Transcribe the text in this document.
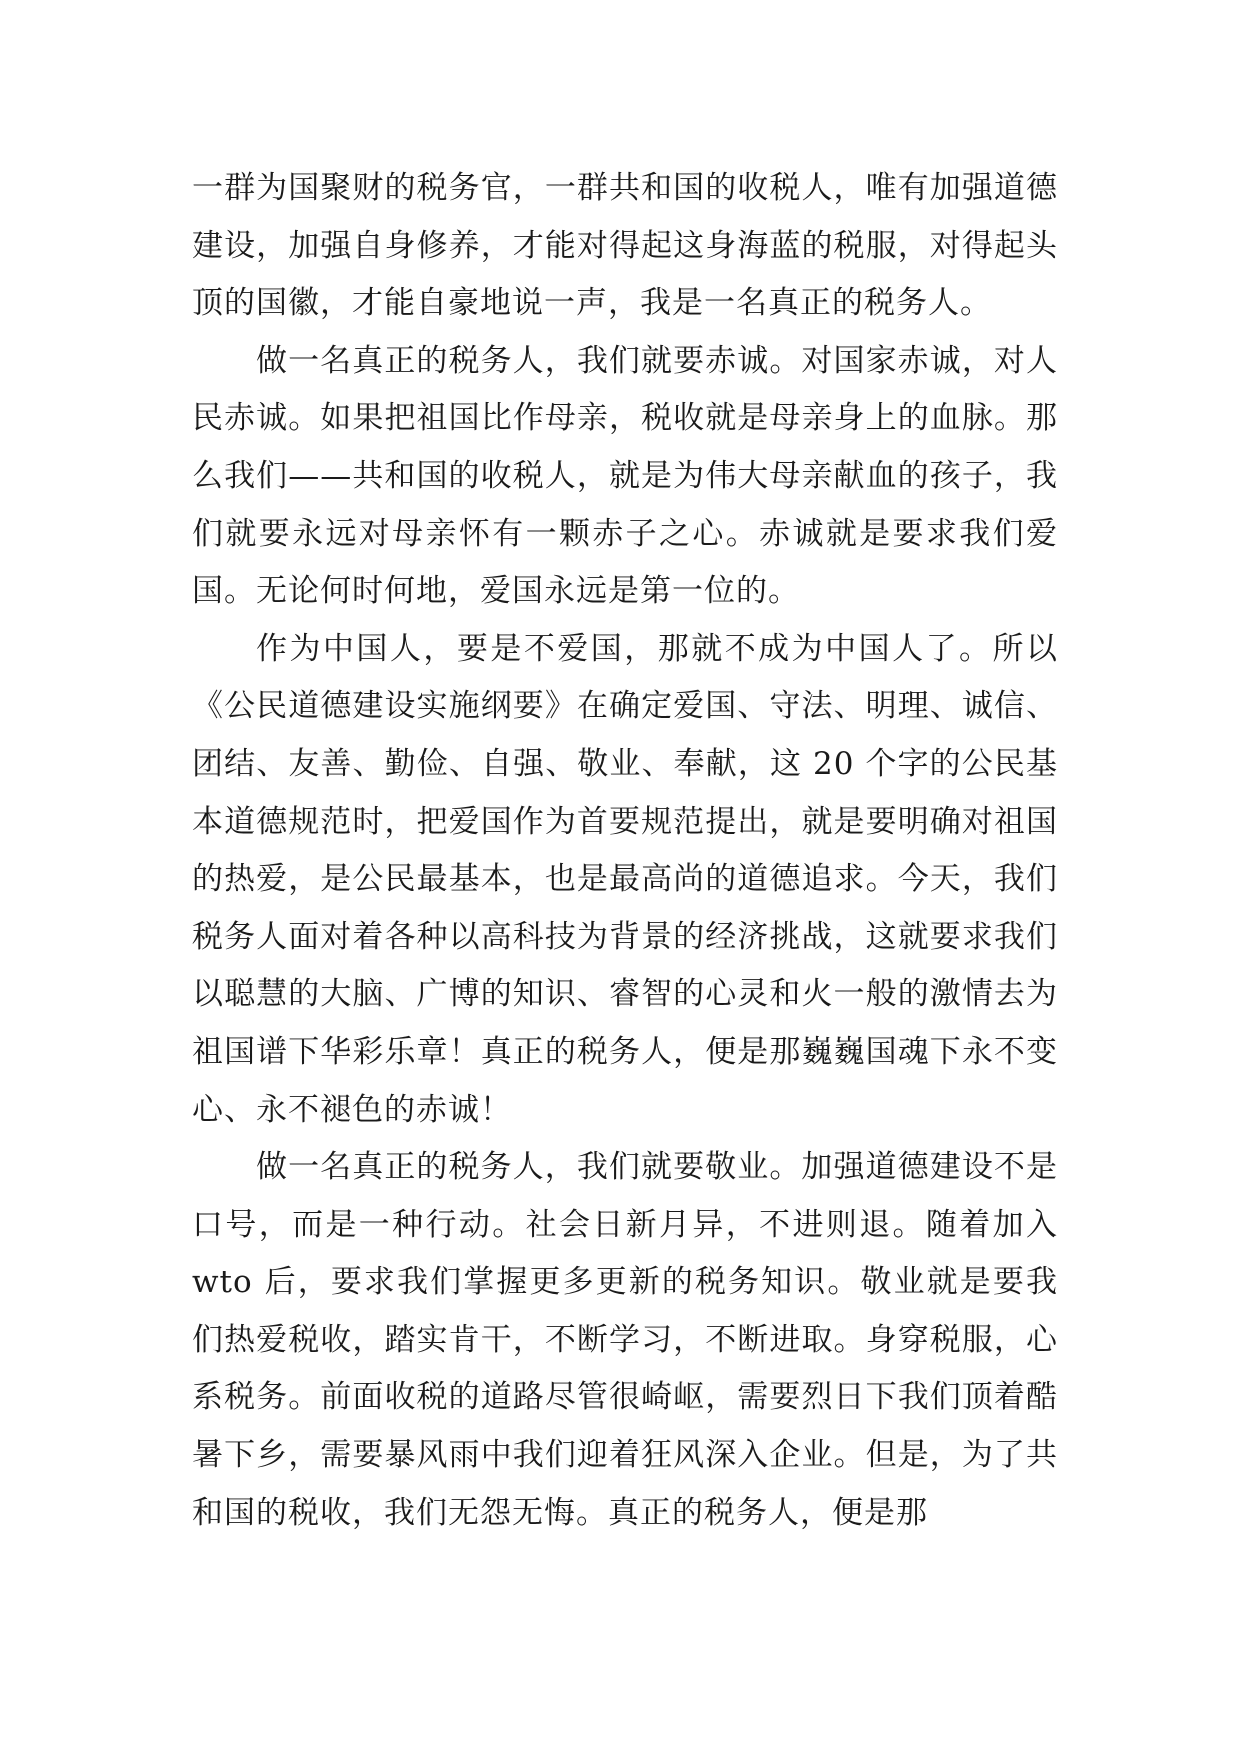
一群为国聚财的税务官，一群共和国的收税人，唯有加强道德建设，加强自身修养，才能对得起这身海蓝的税服，对得起头顶的国徽，才能自豪地说一声，我是一名真正的税务人。

做一名真正的税务人，我们就要赤诚。对国家赤诚，对人民赤诚。如果把祖国比作母亲，税收就是母亲身上的血脉。那么我们——共和国的收税人，就是为伟大母亲献血的孩子，我们就要永远对母亲怀有一颗赤子之心。赤诚就是要求我们爱国。无论何时何地，爱国永远是第一位的。

作为中国人，要是不爱国，那就不成为中国人了。所以《公民道德建设实施纲要》在确定爱国、守法、明理、诚信、团结、友善、勤俭、自强、敬业、奉献，这 20 个字的公民基本道德规范时，把爱国作为首要规范提出，就是要明确对祖国的热爱，是公民最基本，也是最高尚的道德追求。今天，我们税务人面对着各种以高科技为背景的经济挑战，这就要求我们以聪慧的大脑、广博的知识、睿智的心灵和火一般的激情去为祖国谱下华彩乐章！真正的税务人，便是那巍巍国魂下永不变心、永不褪色的赤诚！

做一名真正的税务人，我们就要敬业。加强道德建设不是口号，而是一种行动。社会日新月异，不进则退。随着加入 wto 后，要求我们掌握更多更新的税务知识。敬业就是要我们热爱税收，踏实肯干，不断学习，不断进取。身穿税服，心系税务。前面收税的道路尽管很崎岖，需要烈日下我们顶着酷暑下乡，需要暴风雨中我们迎着狂风深入企业。但是，为了共和国的税收，我们无怨无悔。真正的税务人，便是那
